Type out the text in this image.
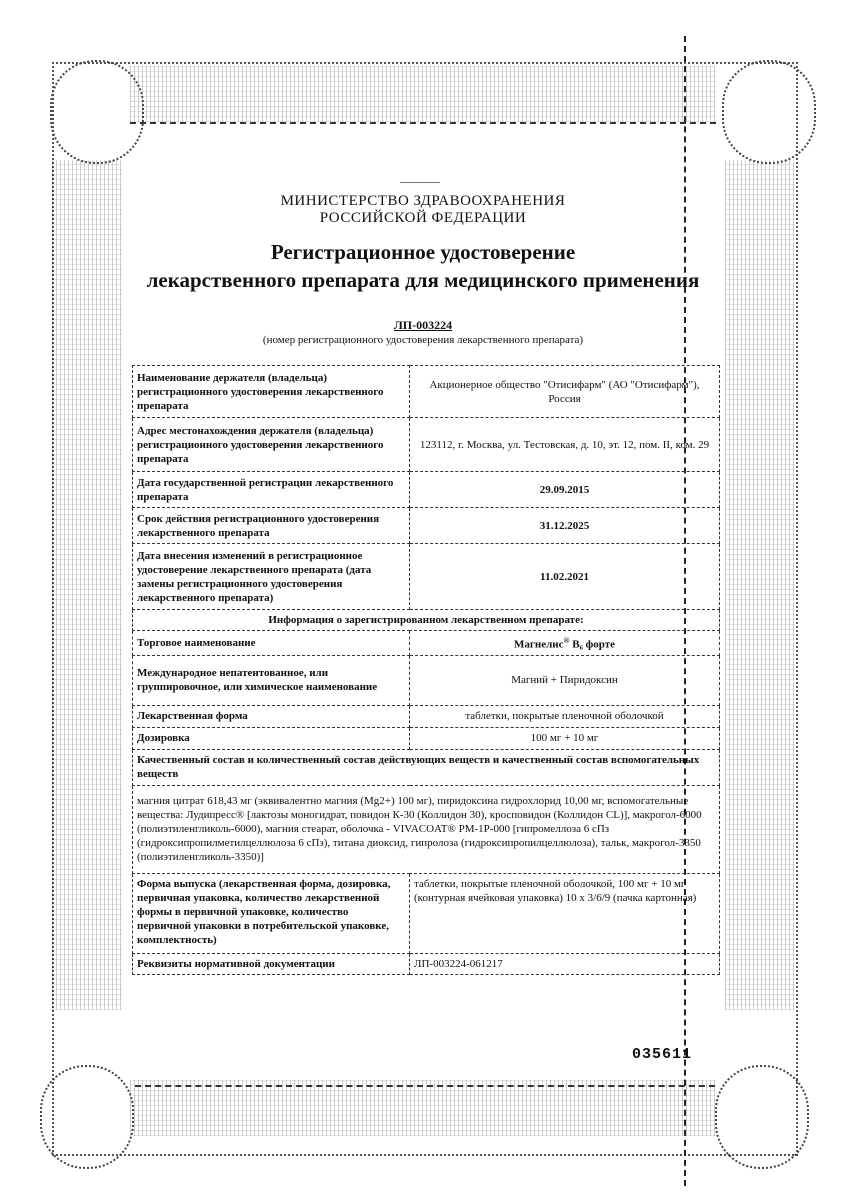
МИНИСТЕРСТВО ЗДРАВООХРАНЕНИЯ
РОССИЙСКОЙ ФЕДЕРАЦИИ
Регистрационное удостоверение
лекарственного препарата для медицинского применения
ЛП-003224
(номер регистрационного удостоверения лекарственного препарата)
Наименование держателя (владельца) регистрационного удостоверения лекарственного препарата	Акционерное общество "Отисифарм" (АО "Отисифарм"), Россия
Адрес местонахождения держателя (владельца) регистрационного удостоверения лекарственного препарата	123112, г. Москва, ул. Тестовская, д. 10, эт. 12, пом. II, ком. 29
Дата государственной регистрации лекарственного препарата	29.09.2015
Срок действия регистрационного удостоверения лекарственного препарата	31.12.2025
Дата внесения изменений в регистрационное удостоверение лекарственного препарата (дата замены регистрационного удостоверения лекарственного препарата)	11.02.2021
Информация о зарегистрированном лекарственном препарате:	
Торговое наименование	Магнелис® B₆ форте
Международное непатентованное, или группировочное, или химическое наименование	Магний + Пиридоксин
Лекарственная форма	таблетки, покрытые пленочной оболочкой
Дозировка	100 мг + 10 мг
Качественный состав и количественный состав действующих веществ и качественный состав вспомогательных веществ	
магния цитрат 618,43 мг (эквивалентно магния (Mg2+) 100 мг), пиридоксина гидрохлорид 10,00 мг, вспомогательные вещества: Лудипресс® [лактозы моногидрат, повидон К-30 (Коллидон 30), кросповидон (Коллидон CL)], макрогол-6000 (полиэтиленгликоль-6000), магния стеарат, оболочка - VIVACOAT® PM-1P-000 [гипромеллоза 6 сПз (гидроксипропилметилцеллюлоза 6 сПз), титана диоксид, гипролоза (гидроксипропилцеллюлоза), тальк, макрогол-3350 (полиэтиленгликоль-3350)]	
Форма выпуска (лекарственная форма, дозировка, первичная упаковка, количество лекарственной формы в первичной упаковке, количество первичной упаковки в потребительской упаковке, комплектность)	таблетки, покрытые пленочной оболочкой, 100 мг + 10 мг (контурная ячейковая упаковка) 10 x 3/6/9 (пачка картонная)
Реквизиты нормативной документации	ЛП-003224-061217
035611
